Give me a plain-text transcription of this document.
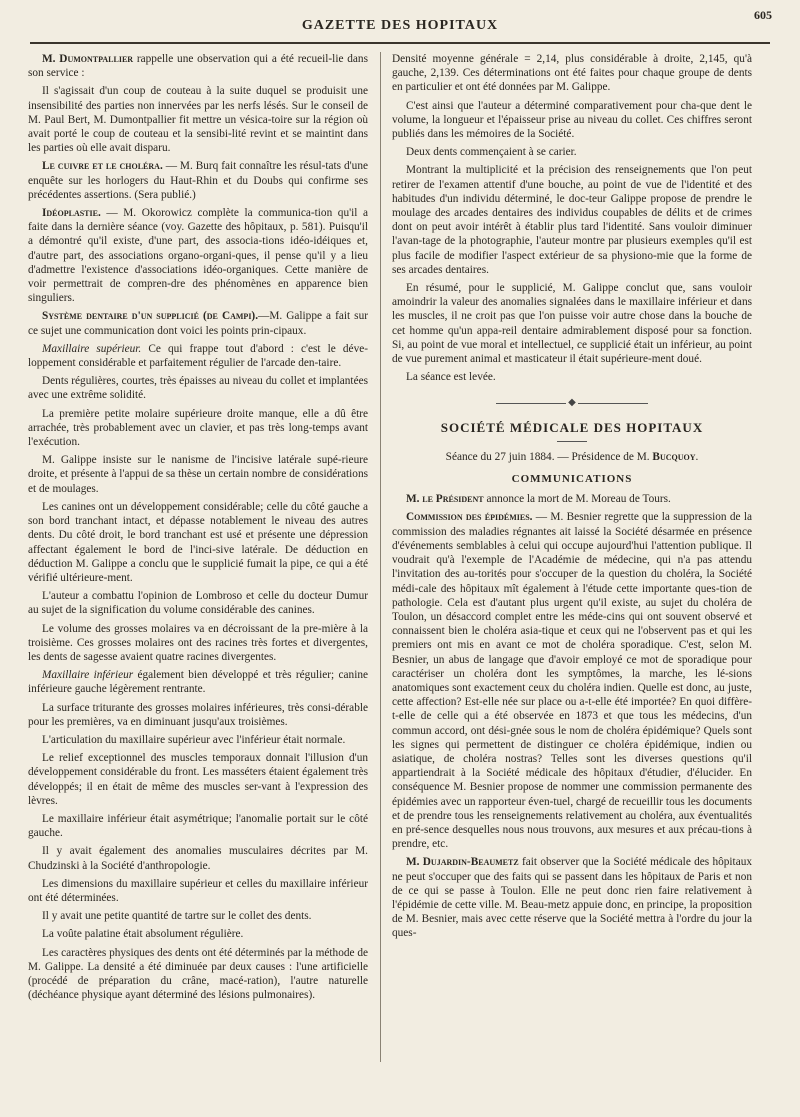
GAZETTE DES HOPITAUX
605

M. Dumontpallier rappelle une observation qui a été recueil-lie dans son service :

Il s'agissait d'un coup de couteau à la suite duquel se produisit une insensibilité des parties non innervées par les nerfs lésés. Sur le conseil de M. Paul Bert, M. Dumontpallier fit mettre un vésica-toire sur la région où avait porté le coup de couteau et la sensibi-lité revint et se maintint dans les parties où elle avait disparu.

Le cuivre et le choléra. — M. Burq fait connaître les résul-tats d'une enquête sur les horlogers du Haut-Rhin et du Doubs qui confirme ses précédentes assertions. (Sera publié.)

Idéoplastie. — M. Okorowicz complète la communica-tion qu'il a faite dans la dernière séance (voy. Gazette des hôpitaux, p. 581). Puisqu'il a démontré qu'il existe, d'une part, des associa-tions idéo-idéiques et, d'autre part, des associations organo-organi-ques, il pense qu'il y a lieu d'admettre l'existence d'associations idéo-organiques. Cette manière de voir permettrait de compren-dre des phénomènes en apparence bien singuliers.

Système dentaire d'un supplicié (de Campi).—M. Galippe a fait sur ce sujet une communication dont voici les points prin-cipaux.

Maxillaire supérieur. Ce qui frappe tout d'abord : c'est le déve-loppement considérable et parfaitement régulier de l'arcade den-taire.

Dents régulières, courtes, très épaisses au niveau du collet et implantées avec une extrême solidité.

La première petite molaire supérieure droite manque, elle a dû être arrachée, très probablement avec un clavier, et pas très long-temps avant l'exécution.

M. Galippe insiste sur le nanisme de l'incisive latérale supé-rieure droite, et présente à l'appui de sa thèse un certain nombre de considérations et de moulages.

Les canines ont un développement considérable; celle du côté gauche a son bord tranchant intact, et dépasse notablement le niveau des autres dents. Du côté droit, le bord tranchant est usé et présente une dépression affectant également le bord de l'inci-sive latérale. De déduction en déduction M. Galippe a conclu que le supplicié fumait la pipe, ce qui a été vérifié ultérieure-ment.

L'auteur a combattu l'opinion de Lombroso et celle du docteur Dumur au sujet de la signification du volume considérable des canines.

Le volume des grosses molaires va en décroissant de la pre-mière à la troisième. Ces grosses molaires ont des racines très fortes et divergentes, les dents de sagesse avaient quatre racines divergentes.

Maxillaire inférieur également bien développé et très régulier; canine inférieure gauche légèrement rentrante.

La surface triturante des grosses molaires inférieures, très consi-dérable pour les premières, va en diminuant jusqu'aux troisièmes.

L'articulation du maxillaire supérieur avec l'inférieur était normale.

Le relief exceptionnel des muscles temporaux donnait l'illusion d'un développement considérable du front. Les masséters étaient également très développés; il en était de même des muscles ser-vant à l'expression des lèvres.

Le maxillaire inférieur était asymétrique; l'anomalie portait sur le côté gauche.

Il y avait également des anomalies musculaires décrites par M. Chudzinski à la Société d'anthropologie.

Les dimensions du maxillaire supérieur et celles du maxillaire inférieur ont été déterminées.

Il y avait une petite quantité de tartre sur le collet des dents.

La voûte palatine était absolument régulière.

Les caractères physiques des dents ont été déterminés par la méthode de M. Galippe. La densité a été diminuée par deux causes : l'une artificielle (procédé de préparation du crâne, macé-ration), l'autre naturelle (déchéance physique ayant déterminé des lésions pulmonaires).

Densité moyenne générale = 2,14, plus considérable à droite, 2,145, qu'à gauche, 2,139. Ces déterminations ont été faites pour chaque groupe de dents en particulier et ont été données par M. Galippe.

C'est ainsi que l'auteur a déterminé comparativement pour cha-que dent le volume, la longueur et l'épaisseur prise au niveau du collet. Ces chiffres seront publiés dans les mémoires de la Société.

Deux dents commençaient à se carier.

Montrant la multiplicité et la précision des renseignements que l'on peut retirer de l'examen attentif d'une bouche, au point de vue de l'identité et des habitudes d'un individu déterminé, le doc-teur Galippe propose de prendre le moulage des arcades dentaires des individus coupables de délits et de crimes dont on peut avoir intérêt à établir plus tard l'identité. Sans vouloir diminuer l'avan-tage de la photographie, l'auteur montre par plusieurs exemples qu'il est plus facile de modifier l'aspect extérieur de sa physiono-mie que la forme de ses arcades dentaires.

En résumé, pour le supplicié, M. Galippe conclut que, sans vouloir amoindrir la valeur des anomalies signalées dans le maxillaire inférieur et dans les muscles, il ne croit pas que l'on puisse voir autre chose dans la bouche de cet homme qu'un appa-reil dentaire admirablement disposé pour sa fonction. Si, au point de vue moral et intellectuel, ce supplicié était un inférieur, au point de vue purement animal et masticateur il était supérieure-ment doué.

La séance est levée.

◆
SOCIÉTÉ MÉDICALE DES HOPITAUX
Séance du 27 juin 1884. — Présidence de M. Bucquoy.
COMMUNICATIONS

M. le Président annonce la mort de M. Moreau de Tours.

Commission des épidémies. — M. Besnier regrette que la suppression de la commission des maladies régnantes ait laissé la Société désarmée en présence d'événements semblables à celui qui occupe aujourd'hui l'attention publique. Il voudrait qu'à l'exemple de l'Académie de médecine, qui n'a pas attendu l'invitation des au-torités pour s'occuper de la question du choléra, la Société médi-cale des hôpitaux mît également à l'étude cette importante ques-tion de pathologie. Cela est d'autant plus urgent qu'il existe, au sujet du choléra de Toulon, un désaccord complet entre les méde-cins qui ont souvent observé et connaissent bien le choléra asia-tique et ceux qui ne l'observent pas et qui les premiers ont mis en avant ce mot de choléra sporadique. C'est, selon M. Besnier, un abus de langage que d'avoir employé ce mot de sporadique pour caractériser un choléra dont les symptômes, la marche, les lé-sions anatomiques sont exactement ceux du choléra indien. Quelle est donc, au juste, cette affection? Est-elle née sur place ou a-t-elle été importée? En quoi diffère-t-elle de celle qui a été observée en 1873 et que tous les médecins, d'un commun accord, ont dési-gnée sous le nom de choléra épidémique? Quels sont les signes qui permettent de distinguer ce choléra épidémique, indien ou asiatique, de choléra nostras? Telles sont les diverses questions qu'il appartiendrait à la Société médicale des hôpitaux d'étudier, d'élucider. En conséquence M. Besnier propose de nommer une commission permanente des épidémies avec un rapporteur éven-tuel, chargé de recueillir tous les documents et de prendre tous les renseignements relativement au choléra, aux éventualités en pré-sence desquelles nous nous trouvons, aux mesures et aux précau-tions à prendre, etc.

M. Dujardin-Beaumetz fait observer que la Société médicale des hôpitaux ne peut s'occuper que des faits qui se passent dans les hôpitaux de Paris et non de ce qui se passe à Toulon. Elle ne peut donc rien faire relativement à l'épidémie de cette ville. M. Beau-metz appuie donc, en principe, la proposition de M. Besnier, mais avec cette réserve que la Société mettra à l'ordre du jour la ques-
